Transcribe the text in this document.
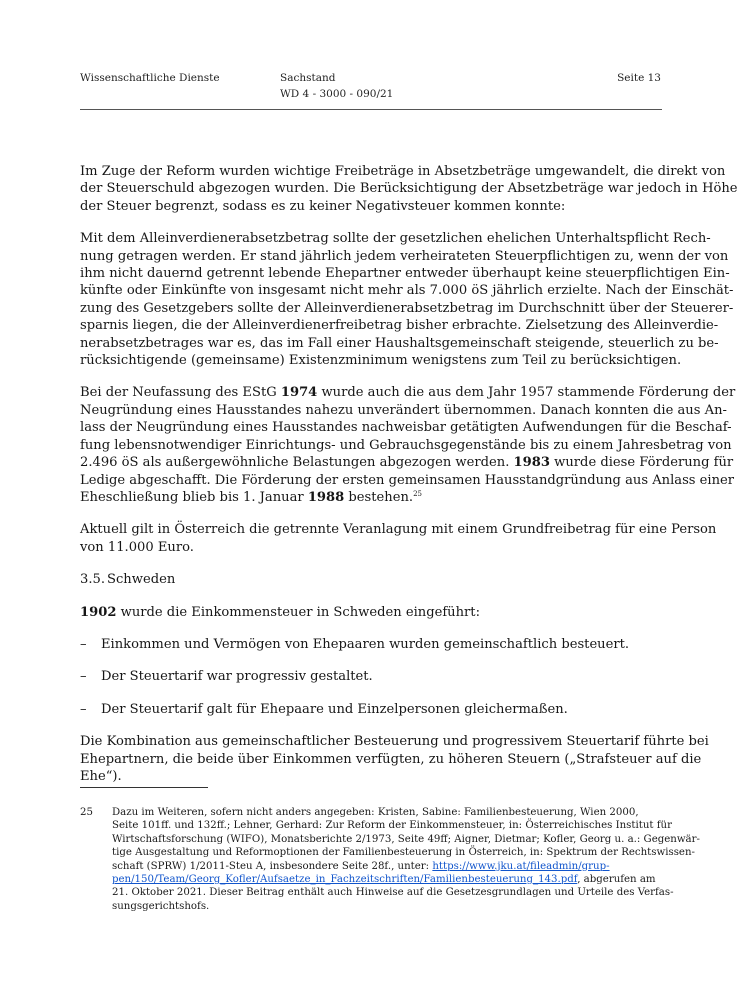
Wissenschaftliche Dienste	Sachstand
WD 4 - 3000 - 090/21
Seite 13

Im Zuge der Reform wurden wichtige Freibeträge in Absetzbeträge umgewandelt, die direkt von
der Steuerschuld abgezogen wurden. Die Berücksichtigung der Absetzbeträge war jedoch in Höhe
der Steuer begrenzt, sodass es zu keiner Negativsteuer kommen konnte:

Mit dem Alleinverdienerabsetzbetrag sollte der gesetzlichen ehelichen Unterhaltspflicht Rech-
nung getragen werden. Er stand jährlich jedem verheirateten Steuerpflichtigen zu, wenn der von
ihm nicht dauernd getrennt lebende Ehepartner entweder überhaupt keine steuerpflichtigen Ein-
künfte oder Einkünfte von insgesamt nicht mehr als 7.000 öS jährlich erzielte. Nach der Einschät-
zung des Gesetzgebers sollte der Alleinverdienerabsetzbetrag im Durchschnitt über der Steuerer-
sparnis liegen, die der Alleinverdienerfreibetrag bisher erbrachte. Zielsetzung des Alleinverdie-
nerabsetzbetrages war es, das im Fall einer Haushaltsgemeinschaft steigende, steuerlich zu be-
rücksichtigende (gemeinsame) Existenzminimum wenigstens zum Teil zu berücksichtigen.

Bei der Neufassung des EStG 1974 wurde auch die aus dem Jahr 1957 stammende Förderung der
Neugründung eines Hausstandes nahezu unverändert übernommen. Danach konnten die aus An-
lass der Neugründung eines Hausstandes nachweisbar getätigten Aufwendungen für die Beschaf-
fung lebensnotwendiger Einrichtungs- und Gebrauchsgegenstände bis zu einem Jahresbetrag von
2.496 öS als außergewöhnliche Belastungen abgezogen werden. 1983 wurde diese Förderung für
Ledige abgeschafft. Die Förderung der ersten gemeinsamen Hausstandgründung aus Anlass einer
Eheschließung blieb bis 1. Januar 1988 bestehen.$^{25}$

Aktuell gilt in Österreich die getrennte Veranlagung mit einem Grundfreibetrag für eine Person
von 11.000 Euro.

3.5. Schweden

1902 wurde die Einkommensteuer in Schweden eingeführt:

– Einkommen und Vermögen von Ehepaaren wurden gemeinschaftlich besteuert.
– Der Steuertarif war progressiv gestaltet.
– Der Steuertarif galt für Ehepaare und Einzelpersonen gleichermaßen.

Die Kombination aus gemeinschaftlicher Besteuerung und progressivem Steuertarif führte bei
Ehepartnern, die beide über Einkommen verfügten, zu höheren Steuern („Strafsteuer auf die
Ehe“).

25 Dazu im Weiteren, sofern nicht anders angegeben: Kristen, Sabine: Familienbesteuerung, Wien 2000,
Seite 101ff. und 132ff.; Lehner, Gerhard: Zur Reform der Einkommensteuer, in: Österreichisches Institut für
Wirtschaftsforschung (WIFO), Monatsberichte 2/1973, Seite 49ff; Aigner, Dietmar; Kofler, Georg u. a.: Gegenwär-
tige Ausgestaltung und Reformoptionen der Familienbesteuerung in Österreich, in: Spektrum der Rechtswissen-
schaft (SPRW) 1/2011-Steu A, insbesondere Seite 28f., unter: https://www.jku.at/fileadmin/grup-
pen/150/Team/Georg_Kofler/Aufsaetze_in_Fachzeitschriften/Familienbesteuerung_143.pdf, abgerufen am
21. Oktober 2021. Dieser Beitrag enthält auch Hinweise auf die Gesetzesgrundlagen und Urteile des Verfas-
sungsgerichtshofs.
